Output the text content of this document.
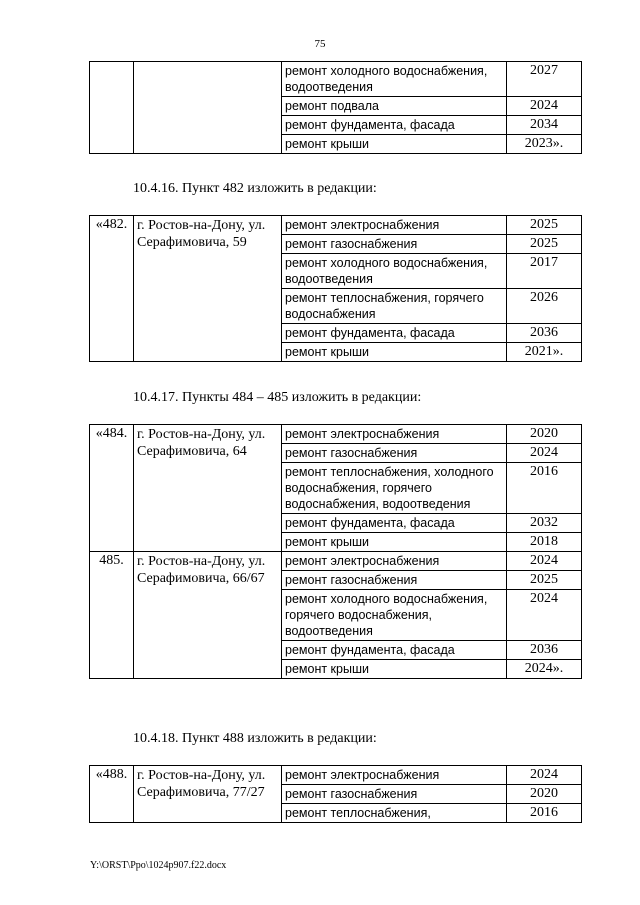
75
		ремонт холодного водоснабжения, водоотведения	2027
		ремонт подвала	2024
		ремонт фундамента, фасада	2034
		ремонт крыши	2023».
10.4.16. Пункт 482 изложить в редакции:
«482.	г. Ростов-на-Дону, ул. Серафимовича, 59	ремонт электроснабжения	2025
		ремонт газоснабжения	2025
		ремонт холодного водоснабжения, водоотведения	2017
		ремонт теплоснабжения, горячего водоснабжения	2026
		ремонт фундамента, фасада	2036
		ремонт крыши	2021».
10.4.17. Пункты 484 – 485 изложить в редакции:
«484.	г. Ростов-на-Дону, ул. Серафимовича, 64	ремонт электроснабжения	2020
		ремонт газоснабжения	2024
		ремонт теплоснабжения, холодного водоснабжения, горячего водоснабжения, водоотведения	2016
		ремонт фундамента, фасада	2032
		ремонт крыши	2018
485.	г. Ростов-на-Дону, ул. Серафимовича, 66/67	ремонт электроснабжения	2024
		ремонт газоснабжения	2025
		ремонт холодного водоснабжения, горячего водоснабжения, водоотведения	2024
		ремонт фундамента, фасада	2036
		ремонт крыши	2024».
10.4.18. Пункт 488 изложить в редакции:
«488.	г. Ростов-на-Дону, ул. Серафимовича, 77/27	ремонт электроснабжения	2024
		ремонт газоснабжения	2020
		ремонт теплоснабжения,	2016
Y:\ORST\Ppo\1024p907.f22.docx
